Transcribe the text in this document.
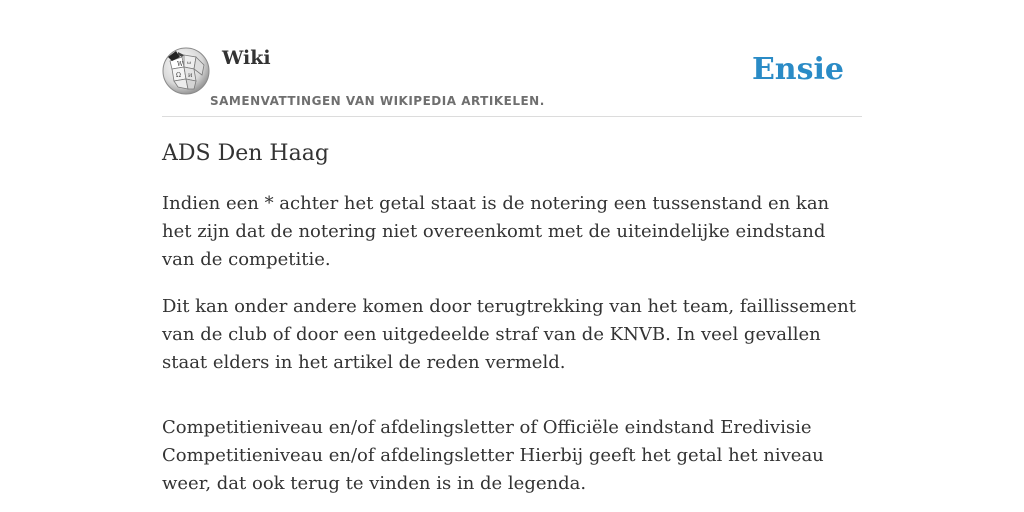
W ω
Ω И
Wiki
SAMENVATTINGEN VAN WIKIPEDIA ARTIKELEN.
Ensie
ADS Den Haag

Indien een * achter het getal staat is de notering een tussenstand en kan het zijn dat de notering niet overeenkomt met de uiteindelijke eindstand van de competitie.

Dit kan onder andere komen door terugtrekking van het team, faillissement van de club of door een uitgedeelde straf van de KNVB. In veel gevallen staat elders in het artikel de reden vermeld.

Competitieniveau en/of afdelingsletter of Officiële eindstand Eredivisie
Competitieniveau en/of afdelingsletter Hierbij geeft het getal het niveau weer, dat ook terug te vinden is in de legenda.
